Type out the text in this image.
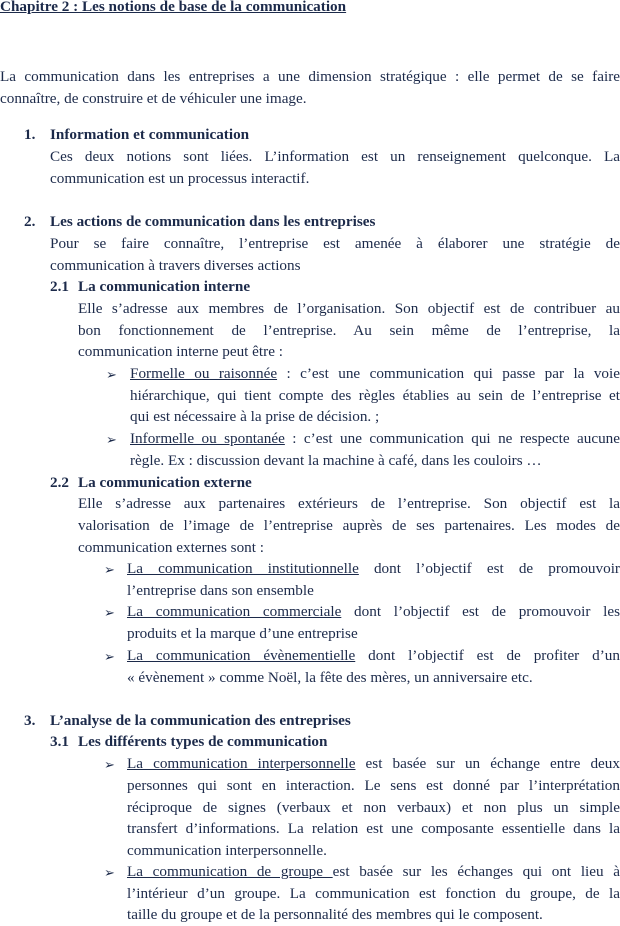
Chapitre 2 : Les notions de base de la communication
La communication dans les entreprises a une dimension stratégique : elle permet de se faire
connaître, de construire et de véhiculer une image.
1. Information et communication
Ces deux notions sont liées. L’information est un renseignement quelconque. La
communication est un processus interactif.
2. Les actions de communication dans les entreprises
Pour se faire connaître, l’entreprise est amenée à élaborer une stratégie de
communication à travers diverses actions
2.1 La communication interne
Elle s’adresse aux membres de l’organisation. Son objectif est de contribuer au
bon fonctionnement de l’entreprise. Au sein même de l’entreprise, la
communication interne peut être :
➢ Formelle ou raisonnée : c’est une communication qui passe par la voie
hiérarchique, qui tient compte des règles établies au sein de l’entreprise et
qui est nécessaire à la prise de décision. ;
➢ Informelle ou spontanée : c’est une communication qui ne respecte aucune
règle. Ex : discussion devant la machine à café, dans les couloirs …
2.2 La communication externe
Elle s’adresse aux partenaires extérieurs de l’entreprise. Son objectif est la
valorisation de l’image de l’entreprise auprès de ses partenaires. Les modes de
communication externes sont :
➢ La communication institutionnelle dont l’objectif est de promouvoir
l’entreprise dans son ensemble
➢ La communication commerciale dont l’objectif est de promouvoir les
produits et la marque d’une entreprise
➢ La communication évènementielle dont l’objectif est de profiter d’un
« évènement » comme Noël, la fête des mères, un anniversaire etc.
3. L’analyse de la communication des entreprises
3.1 Les différents types de communication
➢ La communication interpersonnelle est basée sur un échange entre deux
personnes qui sont en interaction. Le sens est donné par l’interprétation
réciproque de signes (verbaux et non verbaux) et non plus un simple
transfert d’informations. La relation est une composante essentielle dans la
communication interpersonnelle.
➢ La communication de groupe est basée sur les échanges qui ont lieu à
l’intérieur d’un groupe. La communication est fonction du groupe, de la
taille du groupe et de la personnalité des membres qui le composent.
